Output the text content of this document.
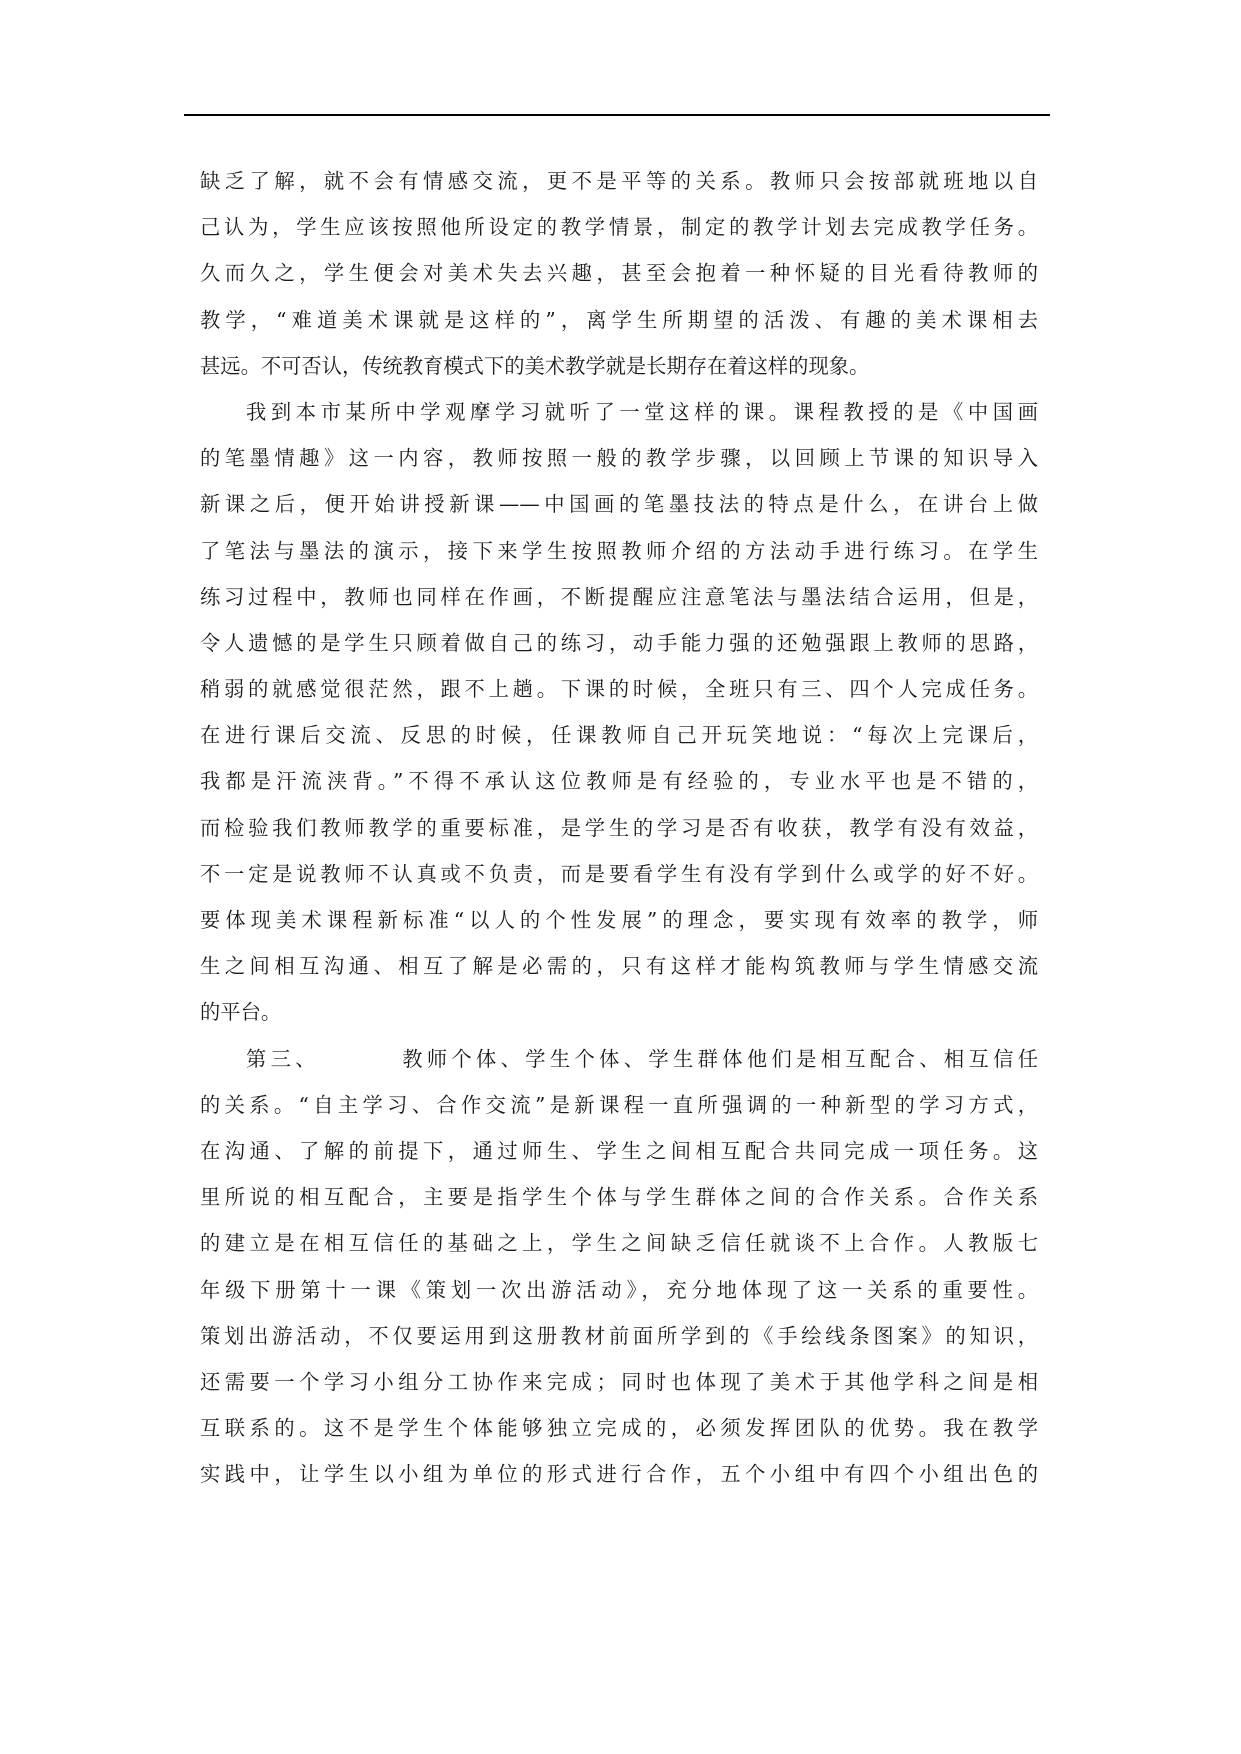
缺乏了解，就不会有情感交流，更不是平等的关系。教师只会按部就班地以自
己认为，学生应该按照他所设定的教学情景，制定的教学计划去完成教学任务。
久而久之，学生便会对美术失去兴趣，甚至会抱着一种怀疑的目光看待教师的
教学，“难道美术课就是这样的”，离学生所期望的活泼、有趣的美术课相去
甚远。不可否认，传统教育模式下的美术教学就是长期存在着这样的现象。
我到本市某所中学观摩学习就听了一堂这样的课。课程教授的是《中国画
的笔墨情趣》这一内容，教师按照一般的教学步骤，以回顾上节课的知识导入
新课之后，便开始讲授新课——中国画的笔墨技法的特点是什么，在讲台上做
了笔法与墨法的演示，接下来学生按照教师介绍的方法动手进行练习。在学生
练习过程中，教师也同样在作画，不断提醒应注意笔法与墨法结合运用，但是，
令人遗憾的是学生只顾着做自己的练习，动手能力强的还勉强跟上教师的思路，
稍弱的就感觉很茫然，跟不上趟。下课的时候，全班只有三、四个人完成任务。
在进行课后交流、反思的时候，任课教师自己开玩笑地说：“每次上完课后，
我都是汗流浃背。”不得不承认这位教师是有经验的，专业水平也是不错的，
而检验我们教师教学的重要标准，是学生的学习是否有收获，教学有没有效益，
不一定是说教师不认真或不负责，而是要看学生有没有学到什么或学的好不好。
要体现美术课程新标准“以人的个性发展”的理念，要实现有效率的教学，师
生之间相互沟通、相互了解是必需的，只有这样才能构筑教师与学生情感交流
的平台。
第三、	教师个体、学生个体、学生群体他们是相互配合、相互信任
的关系。“自主学习、合作交流”是新课程一直所强调的一种新型的学习方式，
在沟通、了解的前提下，通过师生、学生之间相互配合共同完成一项任务。这
里所说的相互配合，主要是指学生个体与学生群体之间的合作关系。合作关系
的建立是在相互信任的基础之上，学生之间缺乏信任就谈不上合作。人教版七
年级下册第十一课《策划一次出游活动》，充分地体现了这一关系的重要性。
策划出游活动，不仅要运用到这册教材前面所学到的《手绘线条图案》的知识，
还需要一个学习小组分工协作来完成；同时也体现了美术于其他学科之间是相
互联系的。这不是学生个体能够独立完成的，必须发挥团队的优势。我在教学
实践中，让学生以小组为单位的形式进行合作，五个小组中有四个小组出色的
